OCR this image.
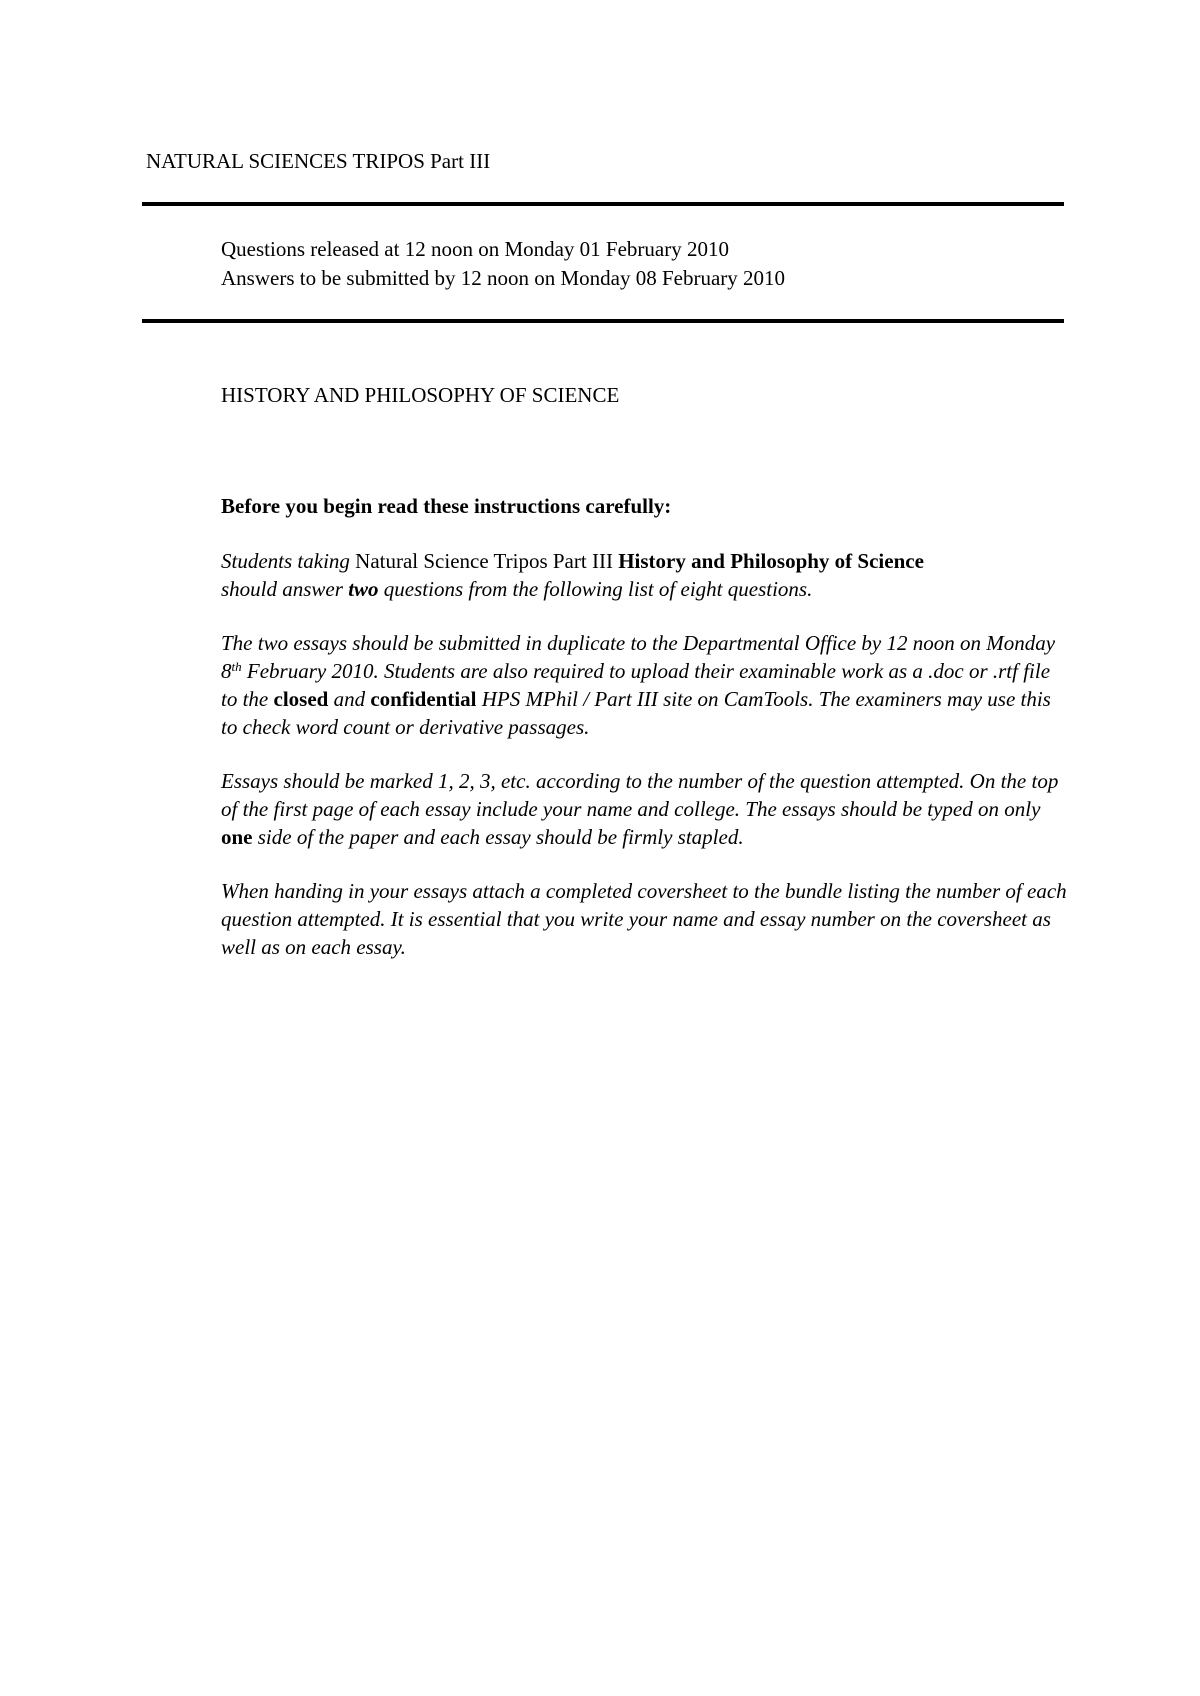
NATURAL SCIENCES TRIPOS Part III
Questions released at 12 noon on Monday 01 February 2010
Answers to be submitted by 12 noon on Monday 08 February 2010
HISTORY AND PHILOSOPHY OF SCIENCE

Before you begin read these instructions carefully:

Students taking Natural Science Tripos Part III History and Philosophy of Science
should answer two questions from the following list of eight questions.

The two essays should be submitted in duplicate to the Departmental Office by 12 noon on Monday 8th February 2010. Students are also required to upload their examinable work as a .doc or .rtf file to the closed and confidential HPS MPhil / Part III site on CamTools. The examiners may use this to check word count or derivative passages.

Essays should be marked 1, 2, 3, etc. according to the number of the question attempted. On the top of the first page of each essay include your name and college. The essays should be typed on only one side of the paper and each essay should be firmly stapled.

When handing in your essays attach a completed coversheet to the bundle listing the number of each question attempted. It is essential that you write your name and essay number on the coversheet as well as on each essay.
